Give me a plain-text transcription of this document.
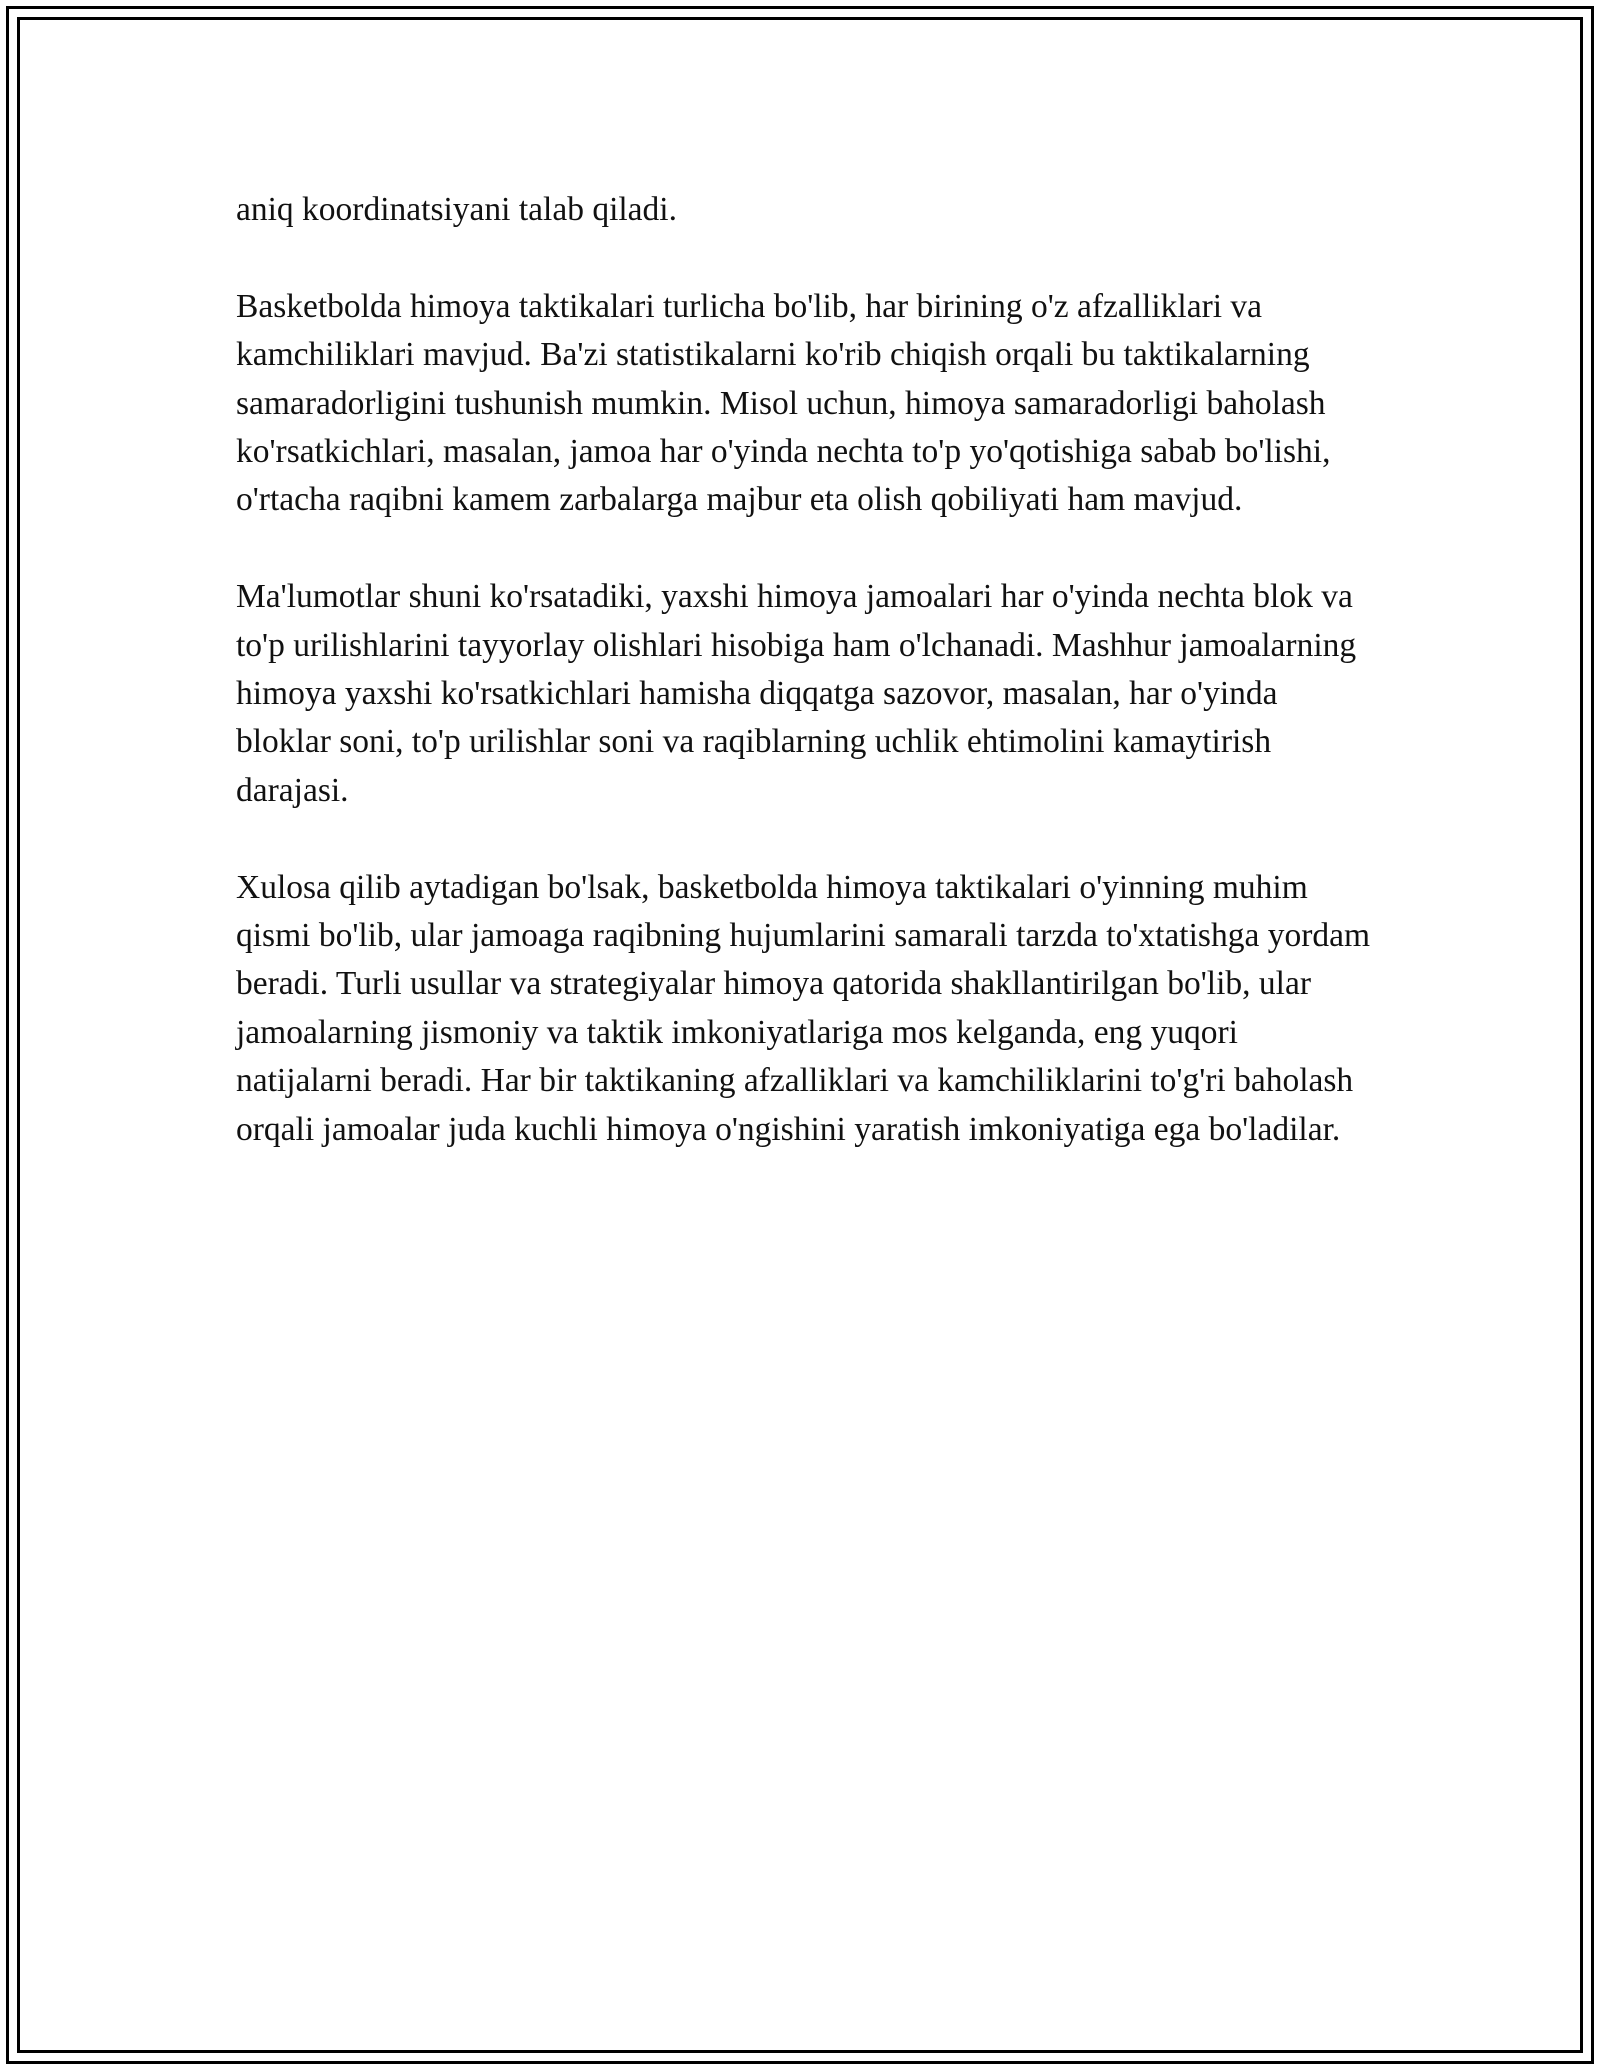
aniq koordinatsiyani talab qiladi.

Basketbolda himoya taktikalari turlicha bo'lib, har birining o'z afzalliklari va kamchiliklari mavjud. Ba'zi statistikalarni ko'rib chiqish orqali bu taktikalarning samaradorligini tushunish mumkin. Misol uchun, himoya samaradorligi baholash ko'rsatkichlari, masalan, jamoa har o'yinda nechta to'p yo'qotishiga sabab bo'lishi, o'rtacha raqibni kamem zarbalarga majbur eta olish qobiliyati ham mavjud.

Ma'lumotlar shuni ko'rsatadiki, yaxshi himoya jamoalari har o'yinda nechta blok va to'p urilishlarini tayyorlay olishlari hisobiga ham o'lchanadi. Mashhur jamoalarning himoya yaxshi ko'rsatkichlari hamisha diqqatga sazovor, masalan, har o'yinda bloklar soni, to'p urilishlar soni va raqiblarning uchlik ehtimolini kamaytirish darajasi.

Xulosa qilib aytadigan bo'lsak, basketbolda himoya taktikalari o'yinning muhim qismi bo'lib, ular jamoaga raqibning hujumlarini samarali tarzda to'xtatishga yordam beradi. Turli usullar va strategiyalar himoya qatorida shakllantirilgan bo'lib, ular jamoalarning jismoniy va taktik imkoniyatlariga mos kelganda, eng yuqori natijalarni beradi. Har bir taktikaning afzalliklari va kamchiliklarini to'g'ri baholash orqali jamoalar juda kuchli himoya o'ngishini yaratish imkoniyatiga ega bo'ladilar.
